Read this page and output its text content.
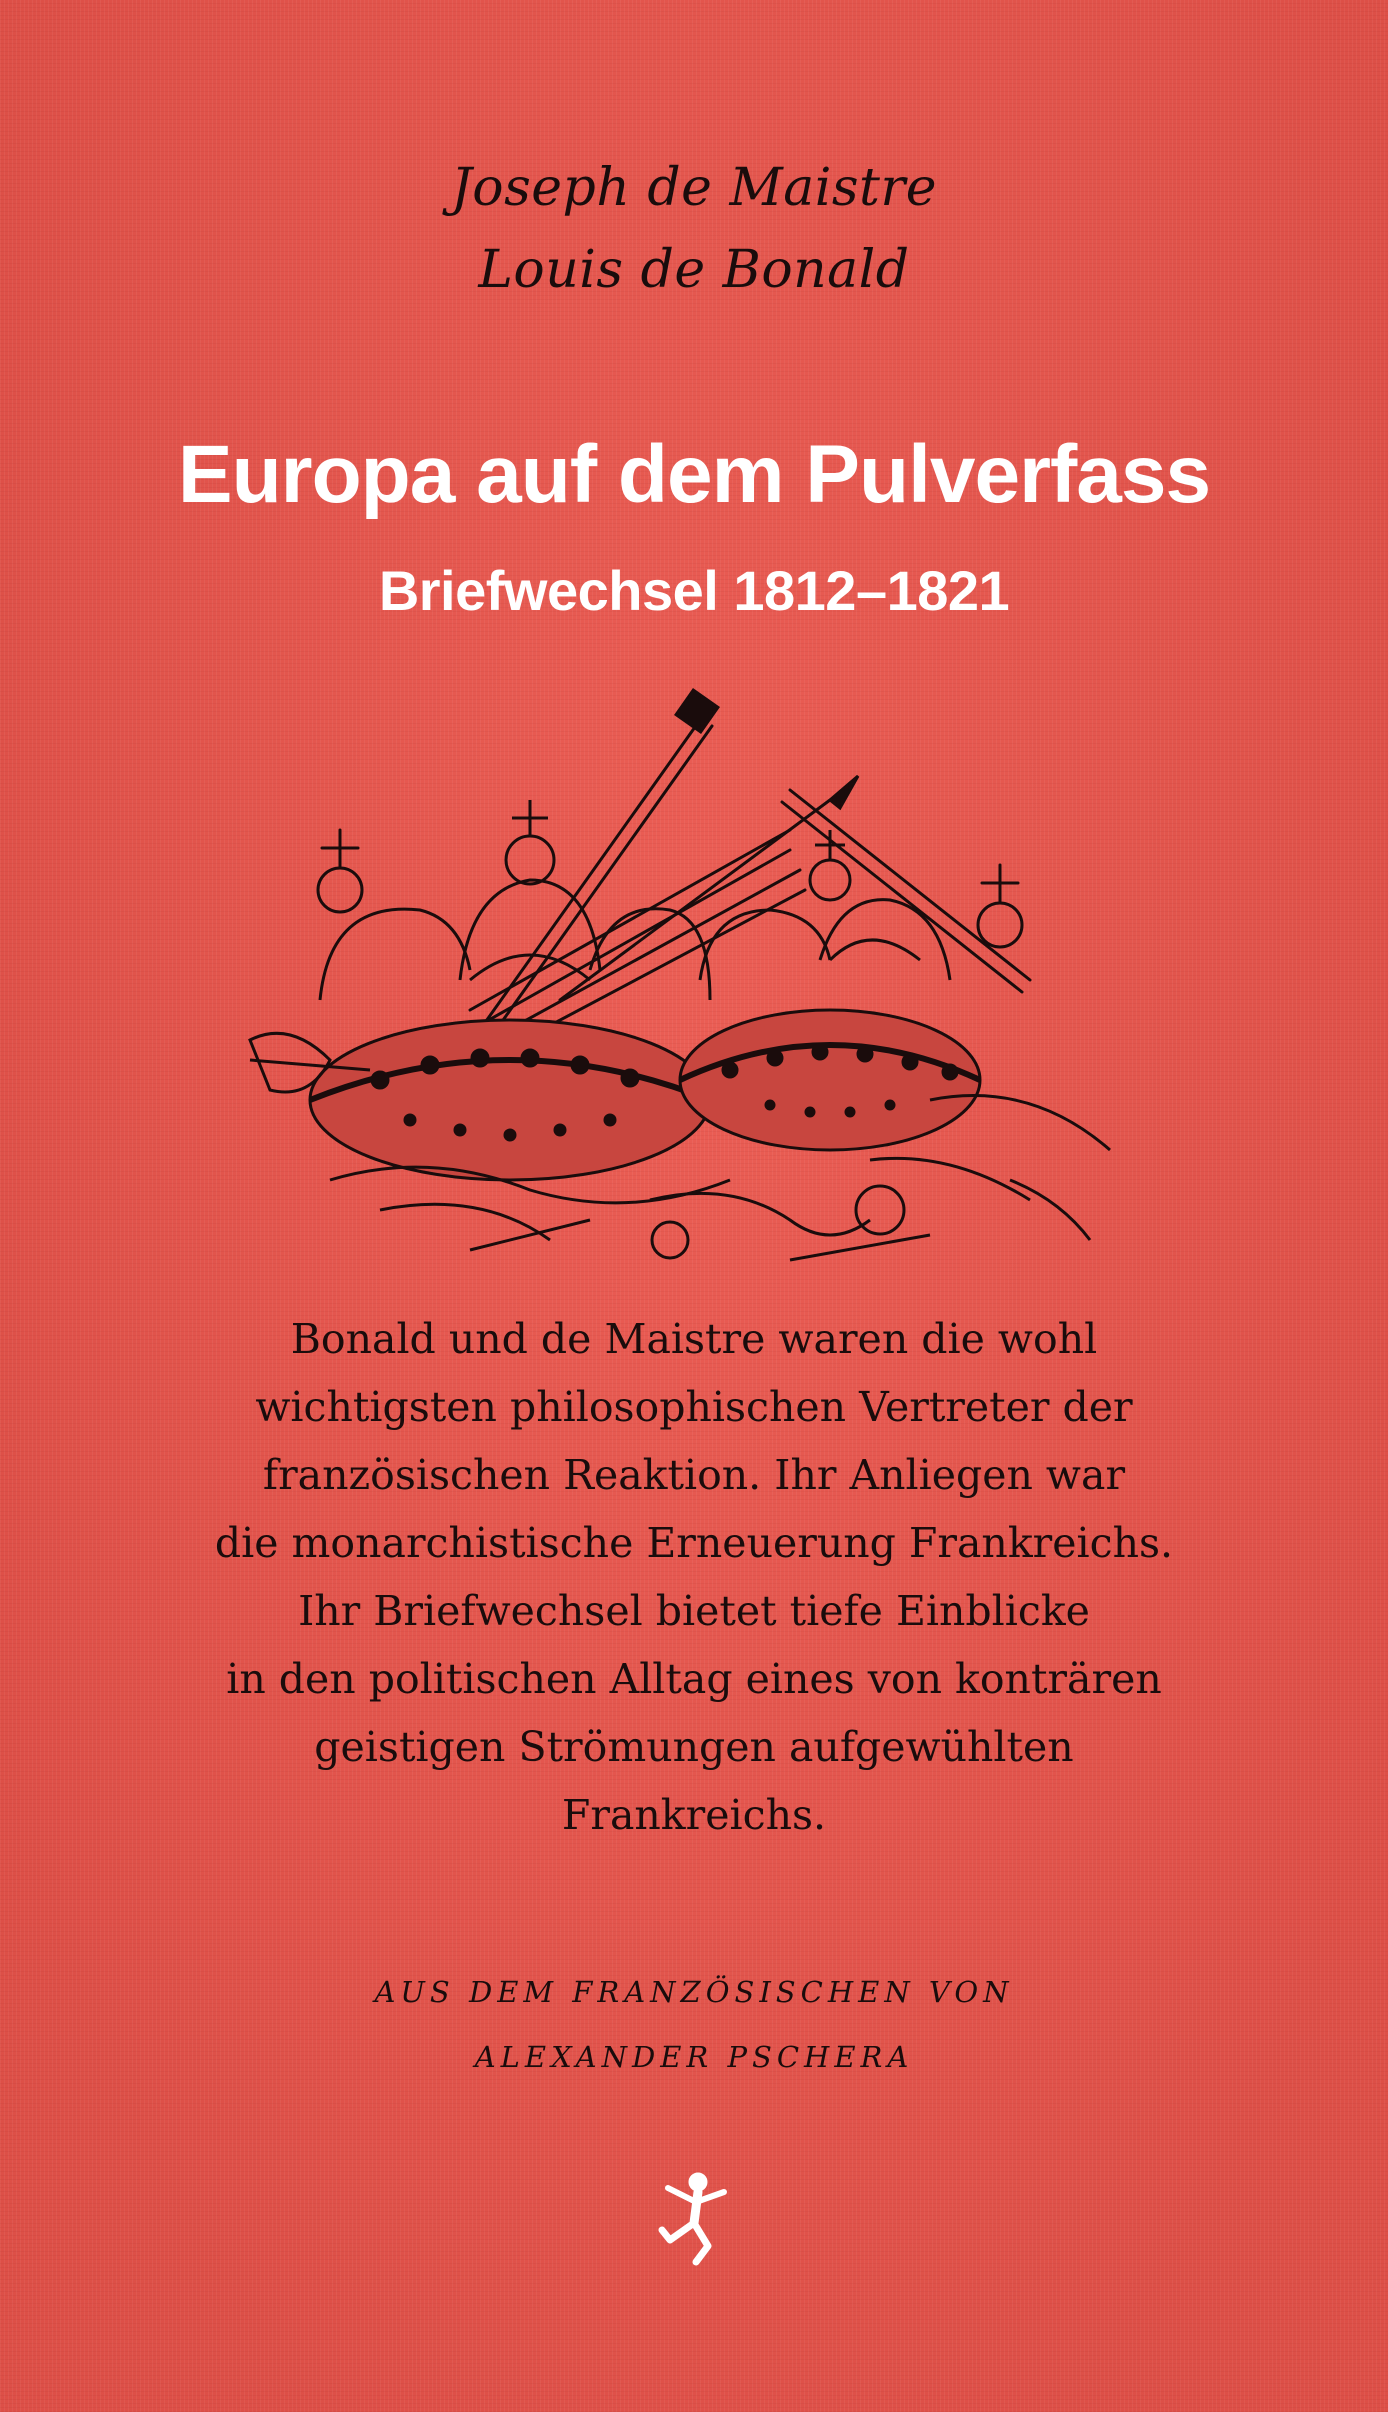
Joseph de Maistre
Louis de Bonald
Europa auf dem Pulverfass
Briefwechsel 1812–1821
Bonald und de Maistre waren die wohl
wichtigsten philosophischen Vertreter der
französischen Reaktion. Ihr Anliegen war
die monarchistische Erneuerung Frankreichs.
Ihr Briefwechsel bietet tiefe Einblicke
in den politischen Alltag eines von konträren
geistigen Strömungen aufgewühlten
Frankreichs.
AUS DEM FRANZÖSISCHEN VON
ALEXANDER PSCHERA
